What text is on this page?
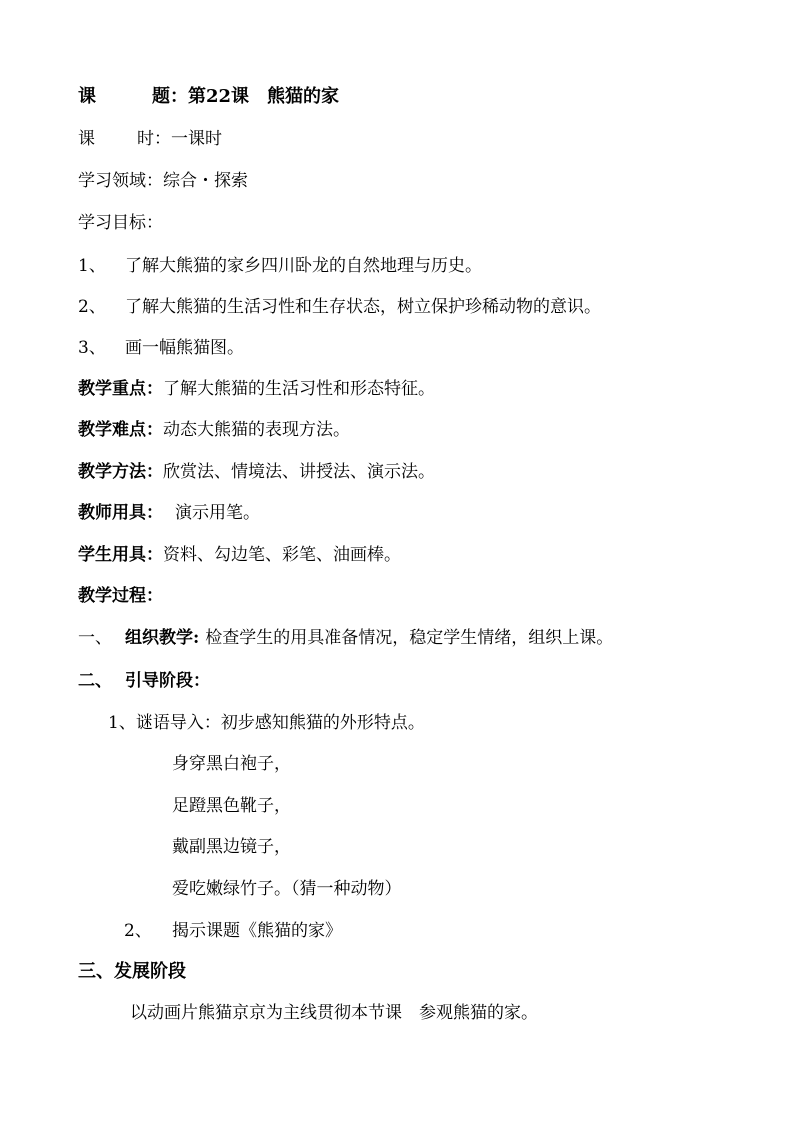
课	题：第22课　熊猫的家
课 时：一课时
学习领域：综合・探索
学习目标：
1、 了解大熊猫的家乡四川卧龙的自然地理与历史。
2、 了解大熊猫的生活习性和生存状态，树立保护珍稀动物的意识。
3、 画一幅熊猫图。
教学重点：了解大熊猫的生活习性和形态特征。
教学难点：动态大熊猫的表现方法。
教学方法：欣赏法、情境法、讲授法、演示法。
教师用具： 演示用笔。
学生用具：资料、勾边笔、彩笔、油画棒。
教学过程：
一、 组织教学: 检查学生的用具准备情况，稳定学生情绪，组织上课。
二、 引导阶段：
1、谜语导入：初步感知熊猫的外形特点。
身穿黑白袍子，
足蹬黑色靴子，
戴副黑边镜子，
爱吃嫩绿竹子。（猜一种动物）
2、 揭示课题《熊猫的家》
三、发展阶段
以动画片熊猫京京为主线贯彻本节课　参观熊猫的家。
